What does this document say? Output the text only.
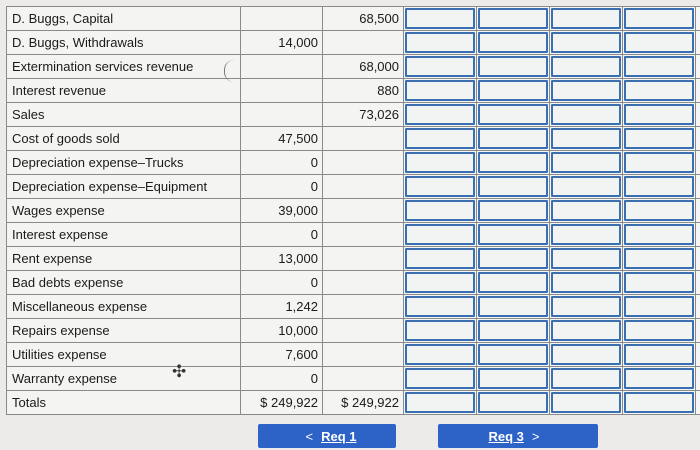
D. Buggs, Capital		68,500	

D. Buggs, Withdrawals	14,000		

Extermination services revenue		68,000	

Interest revenue		880	

Sales		73,026	

Cost of goods sold	47,500		

Depreciation expense–Trucks	0		

Depreciation expense–Equipment	0		

Wages expense	39,000		

Interest expense	0		

Rent expense	13,000		

Bad debts expense	0		

Miscellaneous expense	1,242		

Repairs expense	10,000		

Utilities expense	7,600		

Warranty expense	0		

Totals	$ 249,922	$ 249,922	

✣
< Req 1	Req 3 >
